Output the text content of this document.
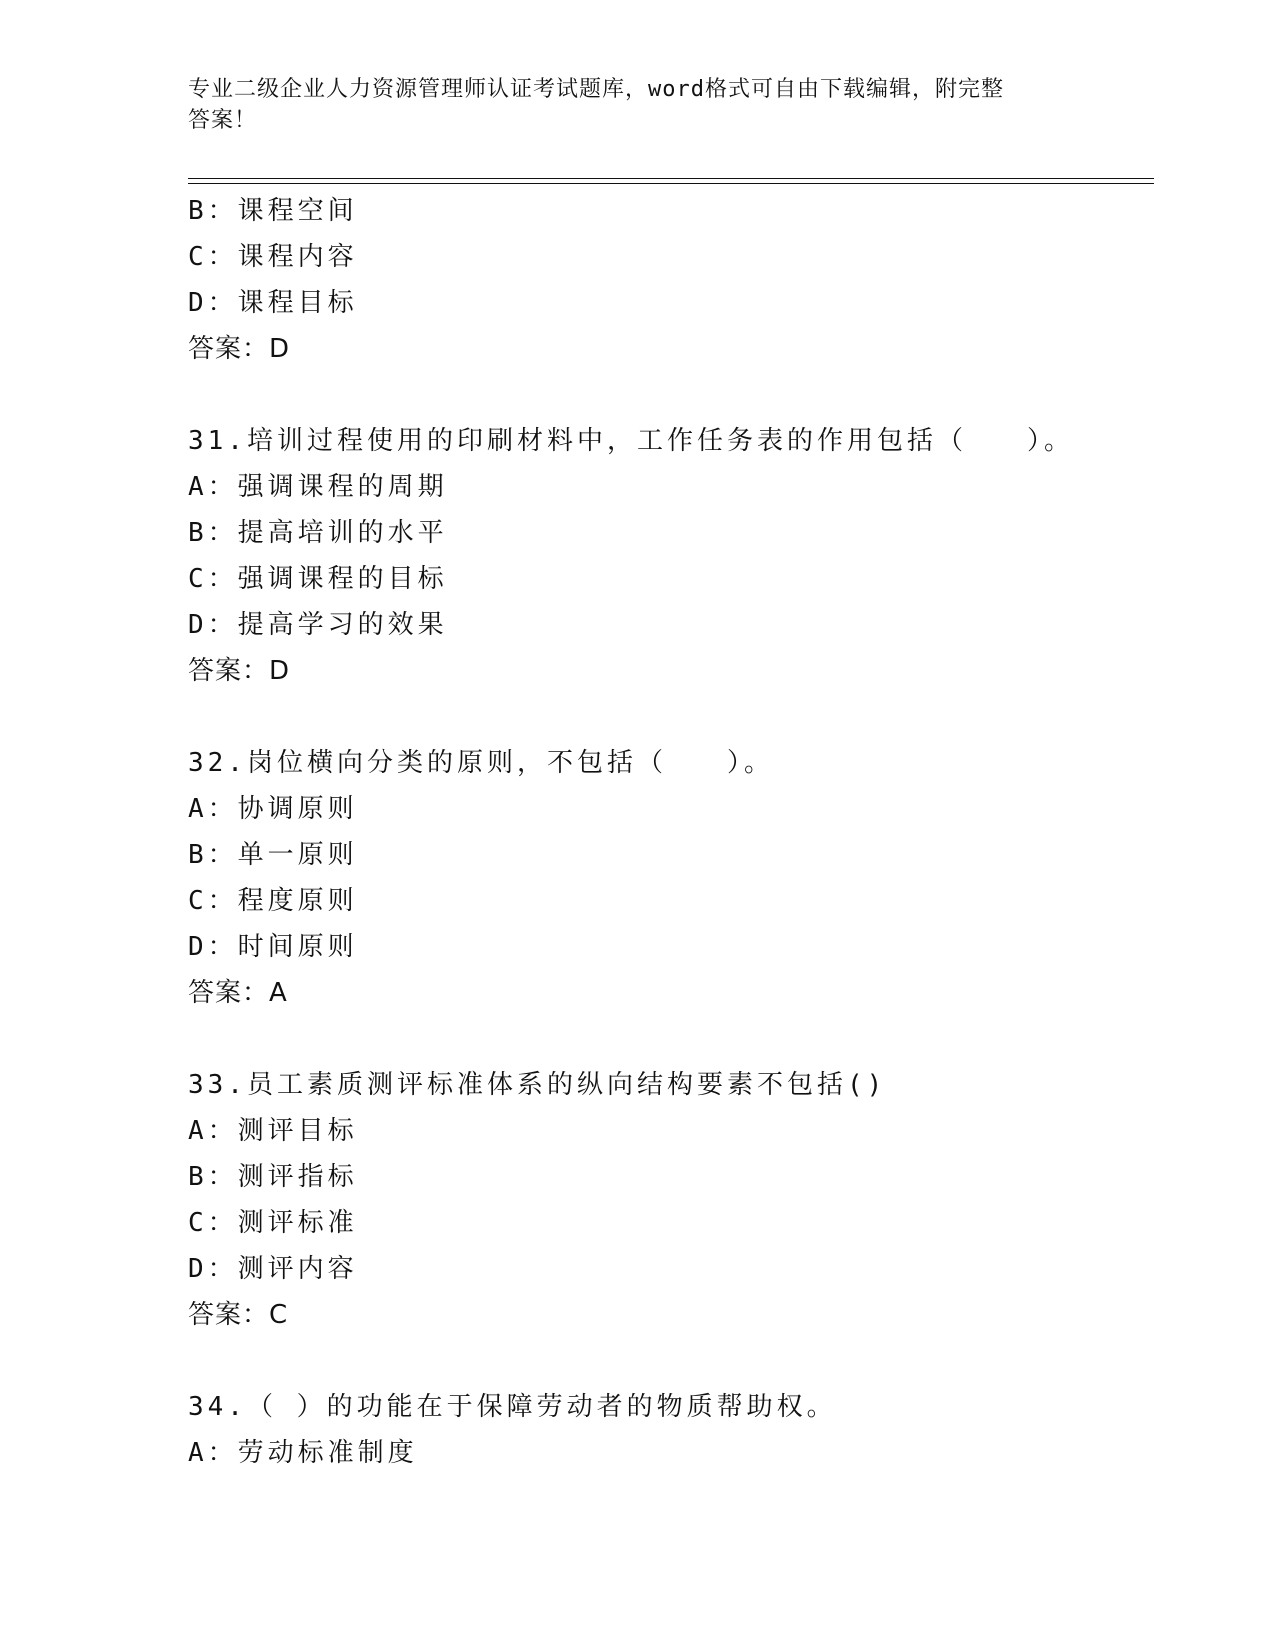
专业二级企业人力资源管理师认证考试题库，word格式可自由下载编辑，附完整
答案！
B：课程空间
C：课程内容
D：课程目标
答案：D
31.培训过程使用的印刷材料中，工作任务表的作用包括（　　）。
A：强调课程的周期
B：提高培训的水平
C：强调课程的目标
D：提高学习的效果
答案：D
32.岗位横向分类的原则，不包括（　　）。
A：协调原则
B：单一原则
C：程度原则
D：时间原则
答案：A
33.员工素质测评标准体系的纵向结构要素不包括()
A：测评目标
B：测评指标
C：测评标准
D：测评内容
答案：C
34.（ ）的功能在于保障劳动者的物质帮助权。
A：劳动标准制度
